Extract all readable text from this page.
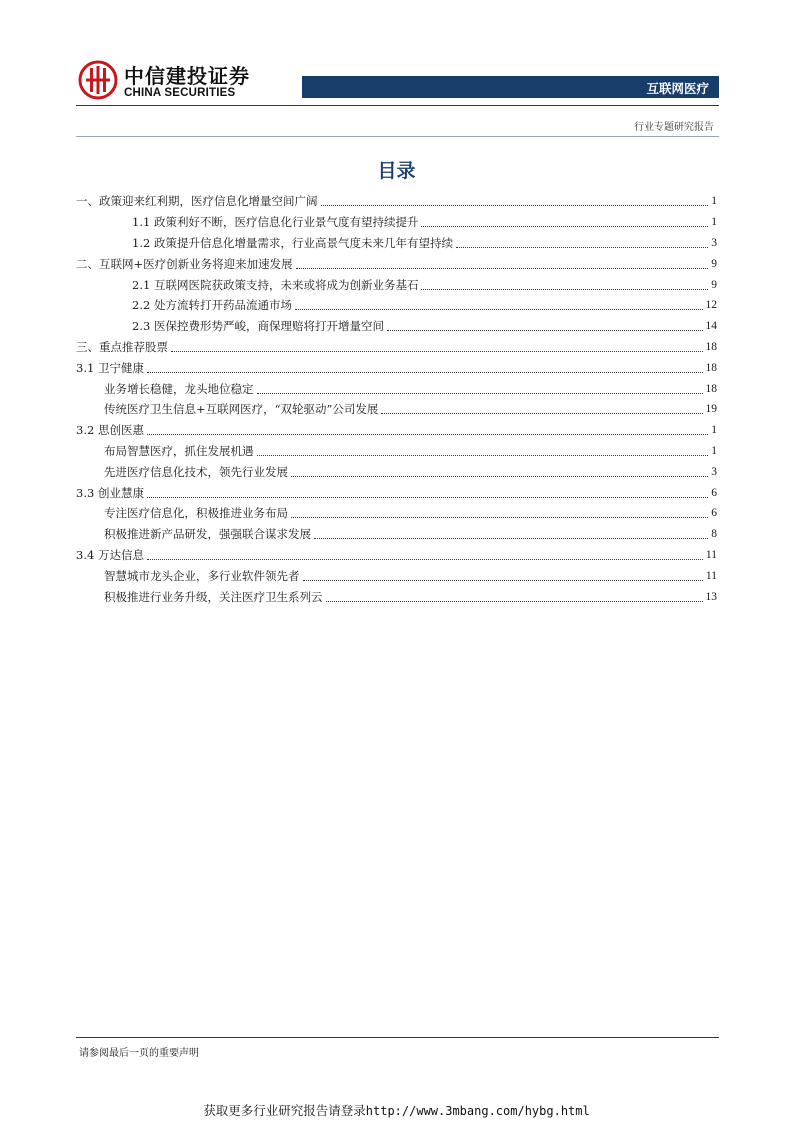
中信建投证券
CHINA SECURITIES	互联网医疗
行业专题研究报告
目录
一、政策迎来红利期，医疗信息化增量空间广阔	1
1.1 政策利好不断，医疗信息化行业景气度有望持续提升	1
1.2 政策提升信息化增量需求，行业高景气度未来几年有望持续	3
二、互联网+医疗创新业务将迎来加速发展	9
2.1 互联网医院获政策支持，未来或将成为创新业务基石	9
2.2 处方流转打开药品流通市场	12
2.3 医保控费形势严峻，商保理赔将打开增量空间	14
三、重点推荐股票	18
3.1 卫宁健康	18
业务增长稳健，龙头地位稳定	18
传统医疗卫生信息+互联网医疗，“双轮驱动”公司发展	19
3.2 思创医惠	1
布局智慧医疗，抓住发展机遇	1
先进医疗信息化技术，领先行业发展	3
3.3 创业慧康	6
专注医疗信息化，积极推进业务布局	6
积极推进新产品研发，强强联合谋求发展	8
3.4 万达信息	11
智慧城市龙头企业，多行业软件领先者	11
积极推进行业务升级，关注医疗卫生系列云	13
请参阅最后一页的重要声明
获取更多行业研究报告请登录http://www.3mbang.com/hybg.html
